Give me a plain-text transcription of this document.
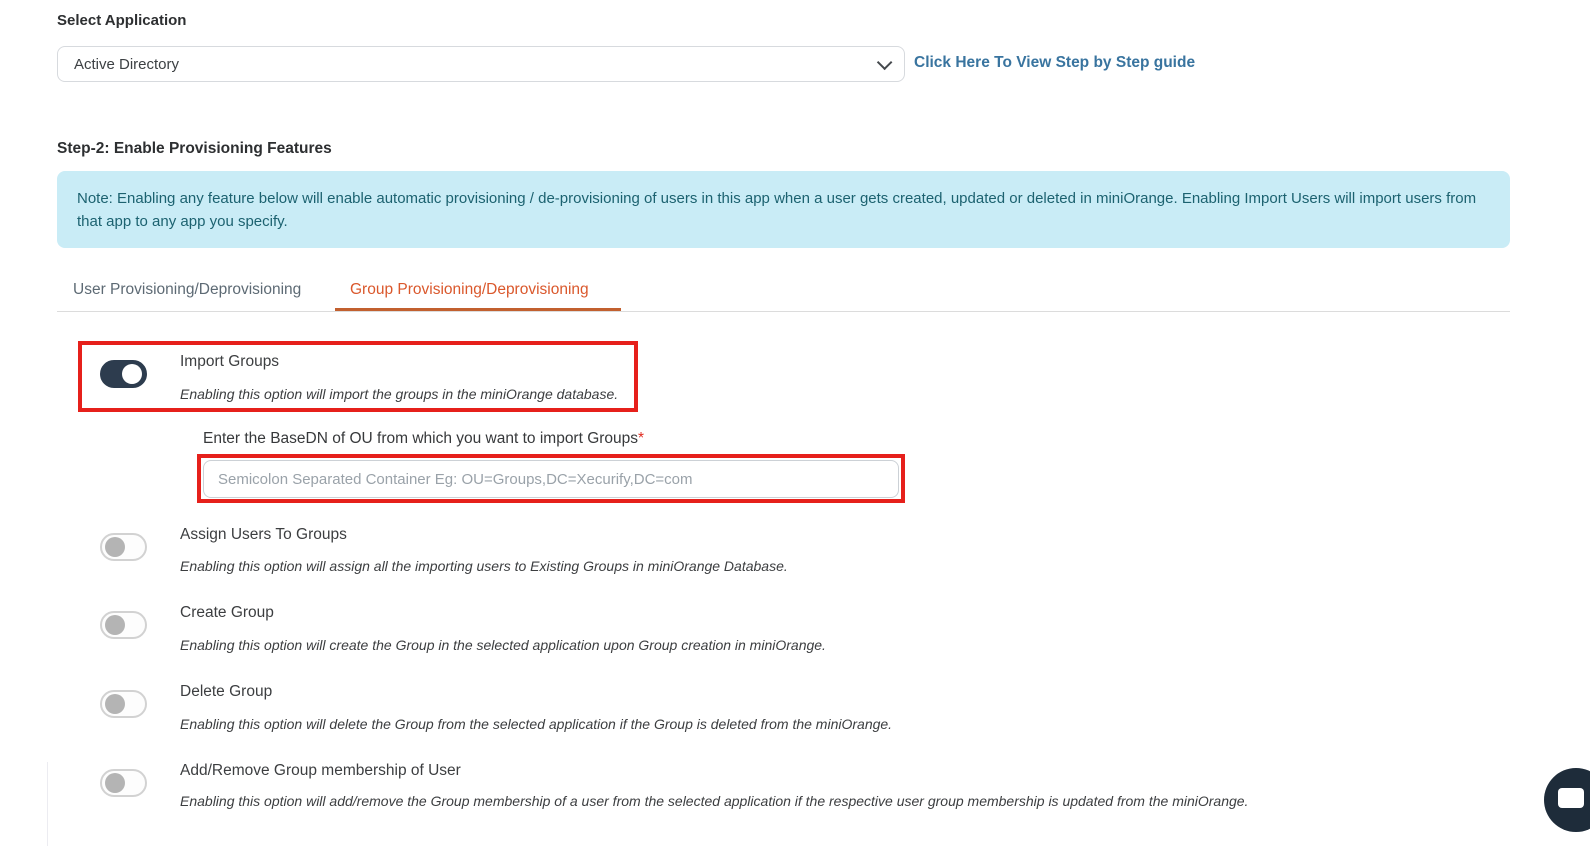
Select Application
Active Directory	Click Here To View Step by Step guide
Step-2: Enable Provisioning Features
Note: Enabling any feature below will enable automatic provisioning / de-provisioning of users in this app when a user gets created, updated or deleted in miniOrange. Enabling Import Users will import users from that app to any app you specify.
User Provisioning/Deprovisioning	Group Provisioning/Deprovisioning
Import Groups
Enabling this option will import the groups in the miniOrange database.
Enter the BaseDN of OU from which you want to import Groups*
Semicolon Separated Container Eg: OU=Groups,DC=Xecurify,DC=com
Assign Users To Groups
Enabling this option will assign all the importing users to Existing Groups in miniOrange Database.
Create Group
Enabling this option will create the Group in the selected application upon Group creation in miniOrange.
Delete Group
Enabling this option will delete the Group from the selected application if the Group is deleted from the miniOrange.
Add/Remove Group membership of User
Enabling this option will add/remove the Group membership of a user from the selected application if the respective user group membership is updated from the miniOrange.
